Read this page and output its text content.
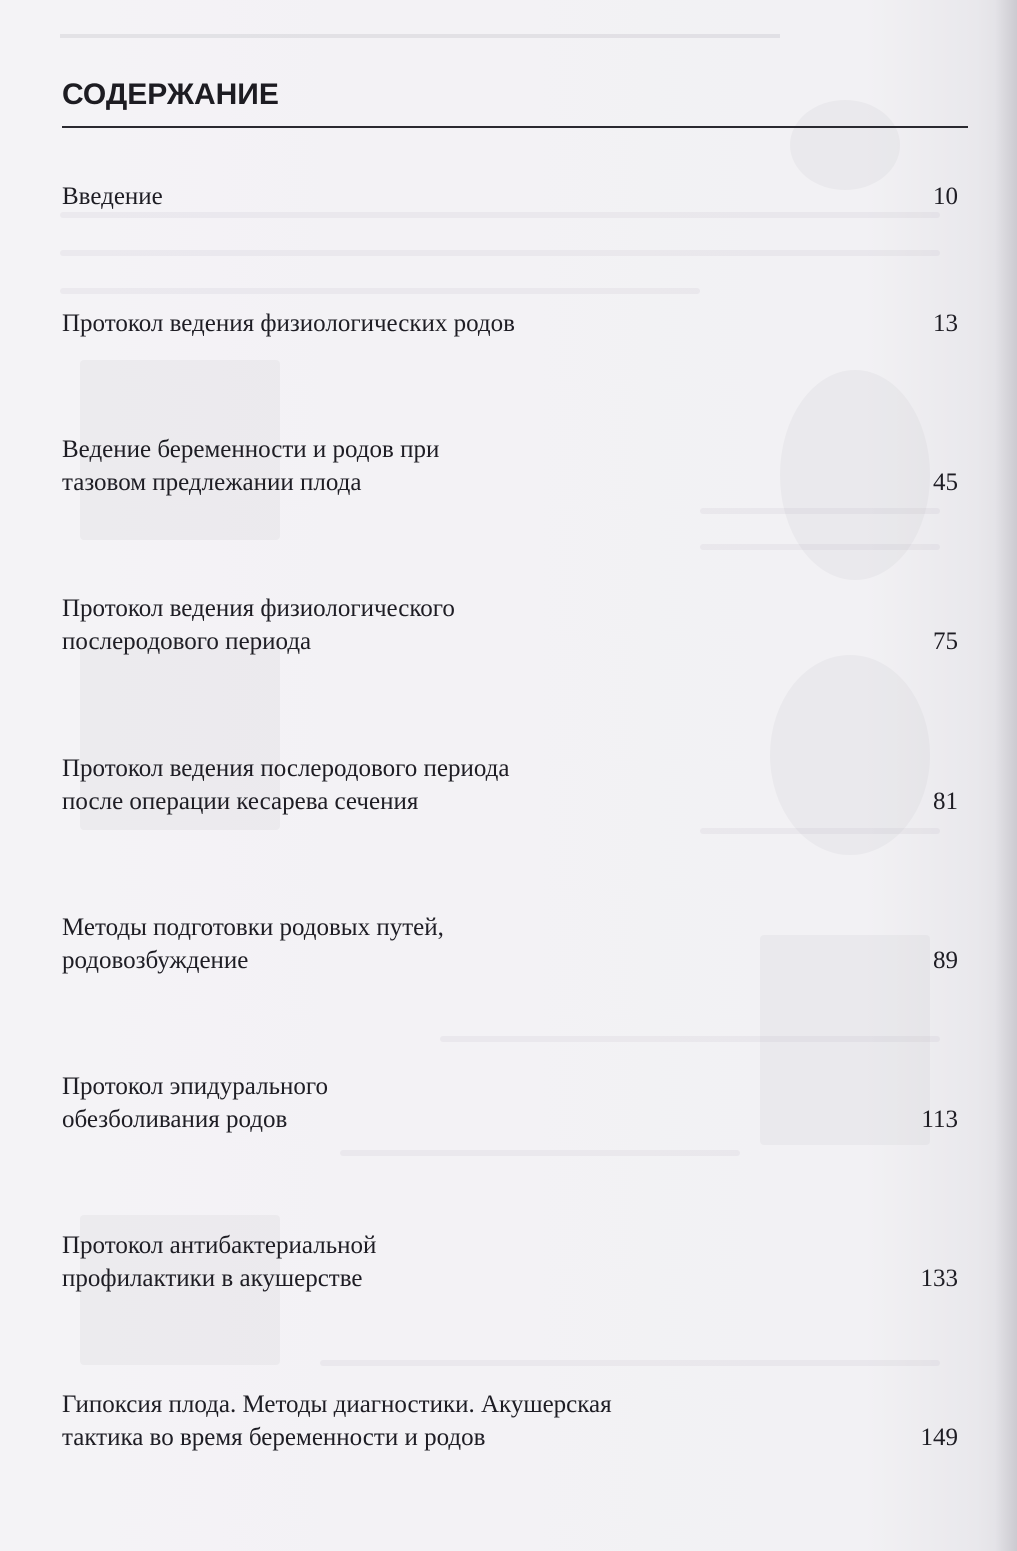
СОДЕРЖАНИЕ
Введение	10
Протокол ведения физиологических родов	13
Ведение беременности и родов при
тазовом предлежании плода	45
Протокол ведения физиологического
послеродового периода	75
Протокол ведения послеродового периода
после операции кесарева сечения	81
Методы подготовки родовых путей,
родовозбуждение	89
Протокол эпидурального
обезболивания родов	113
Протокол антибактериальной
профилактики в акушерстве	133
Гипоксия плода. Методы диагностики. Акушерская
тактика во время беременности и родов	149
